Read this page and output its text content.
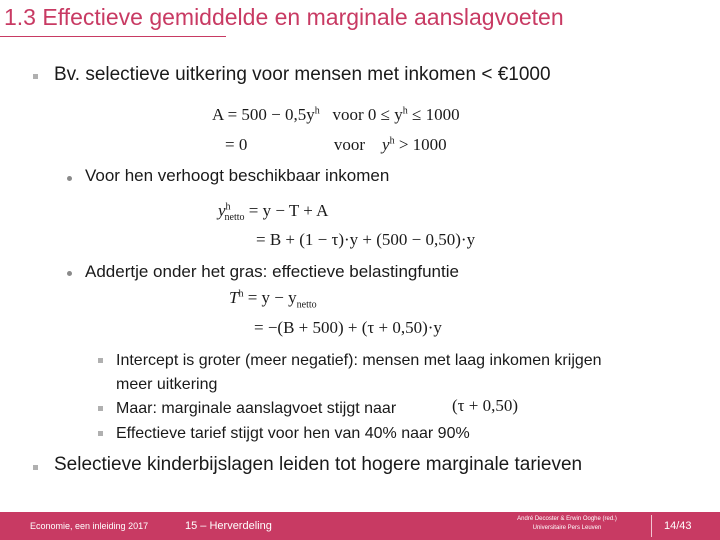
1.3 Effectieve gemiddelde en marginale aanslagvoeten
Bv. selectieve uitkering voor mensen met inkomen < €1000
$A = 500 - 0,5y^h$ voor $0 \le y^h \le 1000$
= 0	voor $y^h > 1000$
Voor hen verhoogt beschikbaar inkomen
$y^h_{netto} = y - T + A$
= B + (1 − τ)·y + (500 − 0,50)·y
Addertje onder het gras: effectieve belastingfuntie
$T^h = y - y_{netto}$
= −(B + 500) + (τ + 0,50)·y
Intercept is groter (meer negatief): mensen met laag inkomen krijgen
meer uitkering
Maar: marginale aanslagvoet stijgt naar	(τ + 0,50)
Effectieve tarief stijgt voor hen van 40% naar 90%
Selectieve kinderbijslagen leiden tot hogere marginale tarieven
Economie, een inleiding 2017	15 – Herverdeling
André Decoster & Erwin Ooghe (red.)
Universitaire Pers Leuven	14/43
